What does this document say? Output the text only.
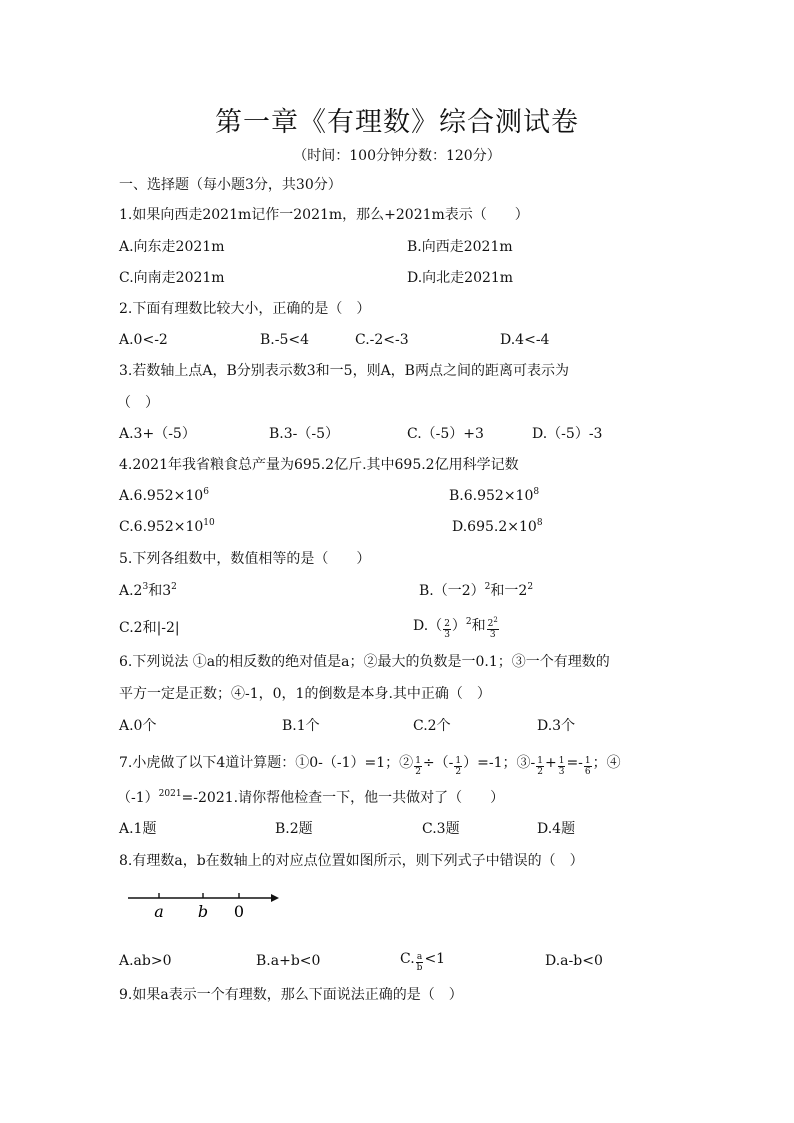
第一章《有理数》综合测试卷
（时间：100分钟分数：120分）
一、选择题（每小题3分，共30分）
1.如果向西走2021m记作一2021m，那么+2021m表示（　　）
A.向东走2021m	B.向西走2021m
C.向南走2021m	D.向北走2021m
2.下面有理数比较大小，正确的是（　）
A.0<-2	B.-5<4	C.-2<-3	D.4<-4
3.若数轴上点A，B分别表示数3和一5，则A，B两点之间的距离可表示为
（　）
A.3+（-5）	B.3-（-5）	C.（-5）+3	D.（-5）-3
4.2021年我省粮食总产量为695.2亿斤.其中695.2亿用科学记数
$A.6.952\times 10^6$	$B.6.952\times 10^8$
$C.6.952\times 10^{10}$	$D.695.2\times 10^8$
5.下列各组数中，数值相等的是（　　）
$A.2^3$和$3^2$	B.（一2）$^2$和一$2^2$
C.2和|-2|	$D.( \frac{2}{3} )^2$和 $\frac{2^2}{3}$
6.下列说法 ①a的相反数的绝对值是a；②最大的负数是一0.1；③一个有理数的
平方一定是正数；④-1，0，1的倒数是本身.其中正确（　）
A.0个	B.1个	C.2个	D.3个
7.小虎做了以下4道计算题：①0-（-1）=1；② $\frac{1}{2}$ ÷（- $\frac{1}{2} )=-1$；③- $\frac{1}{2} + \frac{1}{3} =- \frac{1}{6}$ ；④
$(-1)^{2021}=-2021$.请你帮他检查一下，他一共做对了（　　）
A.1题	B.2题	C.3题	D.4题
8.有理数a，b在数轴上的对应点位置如图所示，则下列式子中错误的（　）
a b 0
A.ab>0	B.a+b<0	C. $\frac{a}{b} <1$	D.a-b<0
9.如果a表示一个有理数，那么下面说法正确的是（　）
